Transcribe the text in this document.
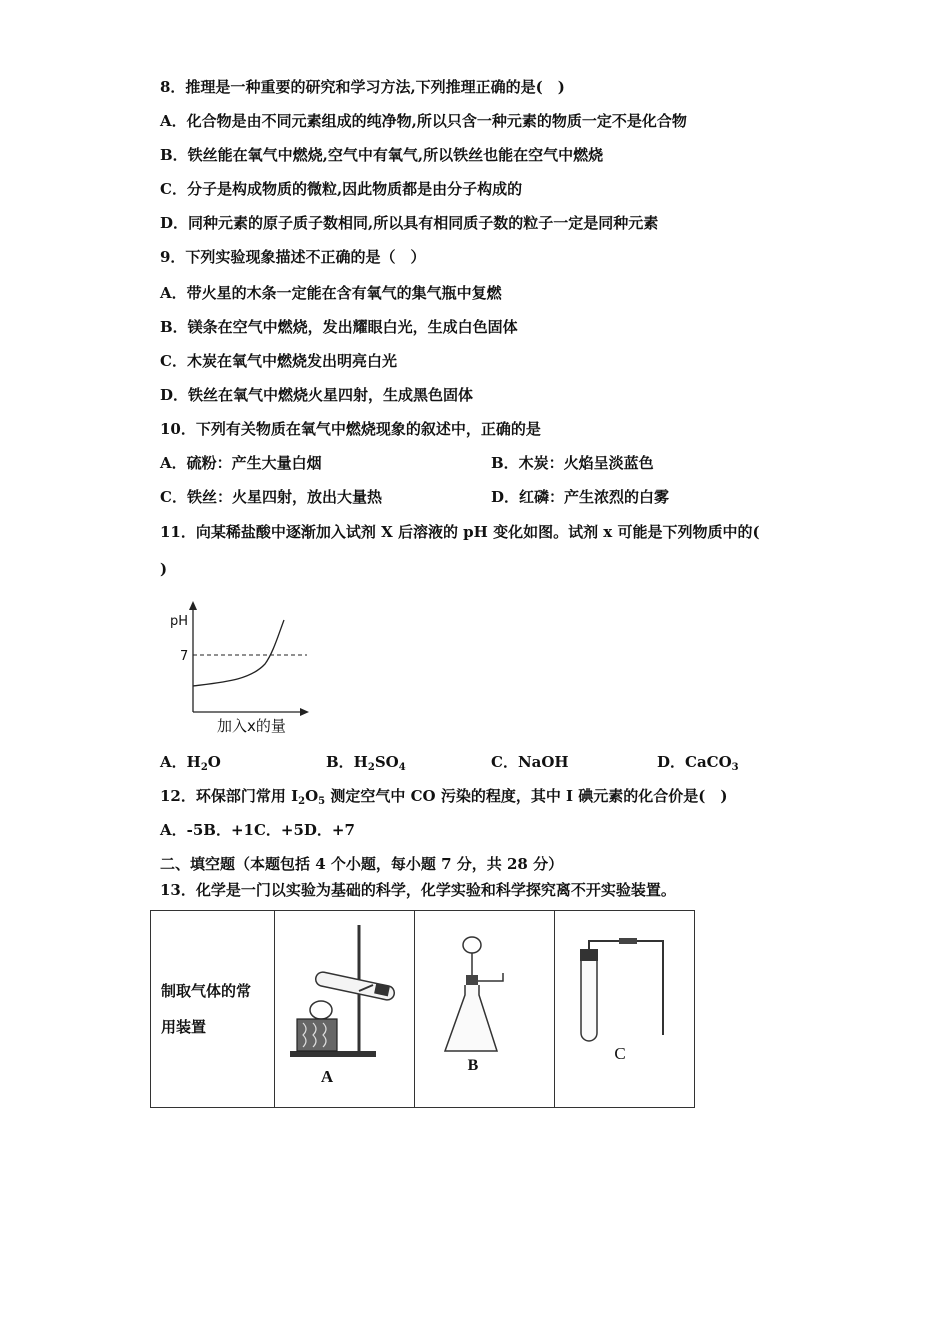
8．推理是一种重要的研究和学习方法,下列推理正确的是(　)
A．化合物是由不同元素组成的纯净物,所以只含一种元素的物质一定不是化合物
B．铁丝能在氧气中燃烧,空气中有氧气,所以铁丝也能在空气中燃烧
C．分子是构成物质的微粒,因此物质都是由分子构成的
D．同种元素的原子质子数相同,所以具有相同质子数的粒子一定是同种元素
9．下列实验现象描述不正确的是（　）
A．带火星的木条一定能在含有氧气的集气瓶中复燃
B．镁条在空气中燃烧，发出耀眼白光，生成白色固体
C．木炭在氧气中燃烧发出明亮白光
D．铁丝在氧气中燃烧火星四射，生成黑色固体
10．下列有关物质在氧气中燃烧现象的叙述中，正确的是
A．硫粉：产生大量白烟	B．木炭：火焰呈淡蓝色
C．铁丝：火星四射，放出大量热	D．红磷：产生浓烈的白雾
11．向某稀盐酸中逐渐加入试剂 X 后溶液的 pH 变化如图。试剂 x 可能是下列物质中的(
)
pH
7
加入x的量
A．$H_2O$	B．$H_2SO_4$	C．NaOH	D．CaCO$_3$
12．环保部门常用 $I_2O_5$ 测定空气中 CO 污染的程度，其中 I 碘元素的化合价是(　)
A．-5B．+1C．+5D．+7
二、填空题（本题包括 4 个小题，每小题 7 分，共 28 分）
13．化学是一门以实验为基础的科学，化学实验和科学探究离不开实验装置。
制取气体的常
用装置

A

B

C
